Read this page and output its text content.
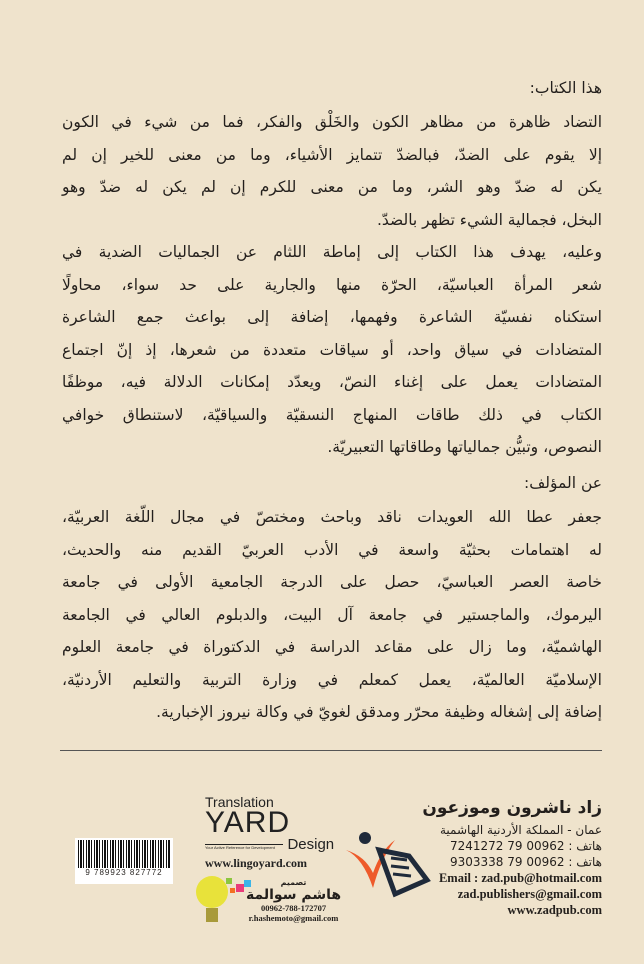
هذا الكتاب:
التضاد ظاهرة من مظاهر الكون والخَلْق والفكر، فما من شيء في الكون
إلا يقوم على الضدّ، فبالضدّ تتمايز الأشياء، وما من معنى للخير إن لم
يكن له ضدّ وهو الشر، وما من معنى للكرم إن لم يكن له ضدّ وهو
البخل، فجمالية الشيء تظهر بالضدّ.
وعليه، يهدف هذا الكتاب إلى إماطة اللثام عن الجماليات الضدية في
شعر المرأة العباسيّة، الحرّة منها والجارية على حد سواء، محاولًا
استكناه نفسيّة الشاعرة وفهمها، إضافة إلى بواعث جمع الشاعرة
المتضادات في سياق واحد، أو سياقات متعددة من شعرها، إذ إنّ اجتماع
المتضادات يعمل على إغناء النصّ، ويعدّد إمكانات الدلالة فيه، موظفًا
الكتاب في ذلك طاقات المنهاج النسقيّة والسياقيّة، لاستنطاق خوافي
النصوص، وتبيُّن جمالياتها وطاقاتها التعبيريّة.
عن المؤلف:
جعفر عطا الله العويدات ناقد وباحث ومختصّ في مجال اللّغة العربيّة،
له اهتمامات بحثيّة واسعة في الأدب العربيّ القديم منه والحديث،
خاصة العصر العباسيّ، حصل على الدرجة الجامعية الأولى في جامعة
اليرموك، والماجستير في جامعة آل البيت، والدبلوم العالي في الجامعة
الهاشميّة، وما زال على مقاعد الدراسة في الدكتوراة في جامعة العلوم
الإسلاميّة العالميّة، يعمل كمعلم في وزارة التربية والتعليم الأردنيّة،
إضافة إلى إشغاله وظيفة محرّر ومدقق لغويّ في وكالة نيروز الإخبارية.
زاد ناشرون وموزعون
عمان - المملكة الأردنية الهاشمية
هاتف : 00962 79 7241272
هاتف : 00962 79 9303338
Email : zad.pub@hotmail.com
zad.publishers@gmail.com
www.zadpub.com
9 789923 827772
Translation
YARD
Your Active Reference for Development Design
www.lingoyard.com
تصميم
هاشم سوالمة
00962-788-172707
r.hashemoto@gmail.com
